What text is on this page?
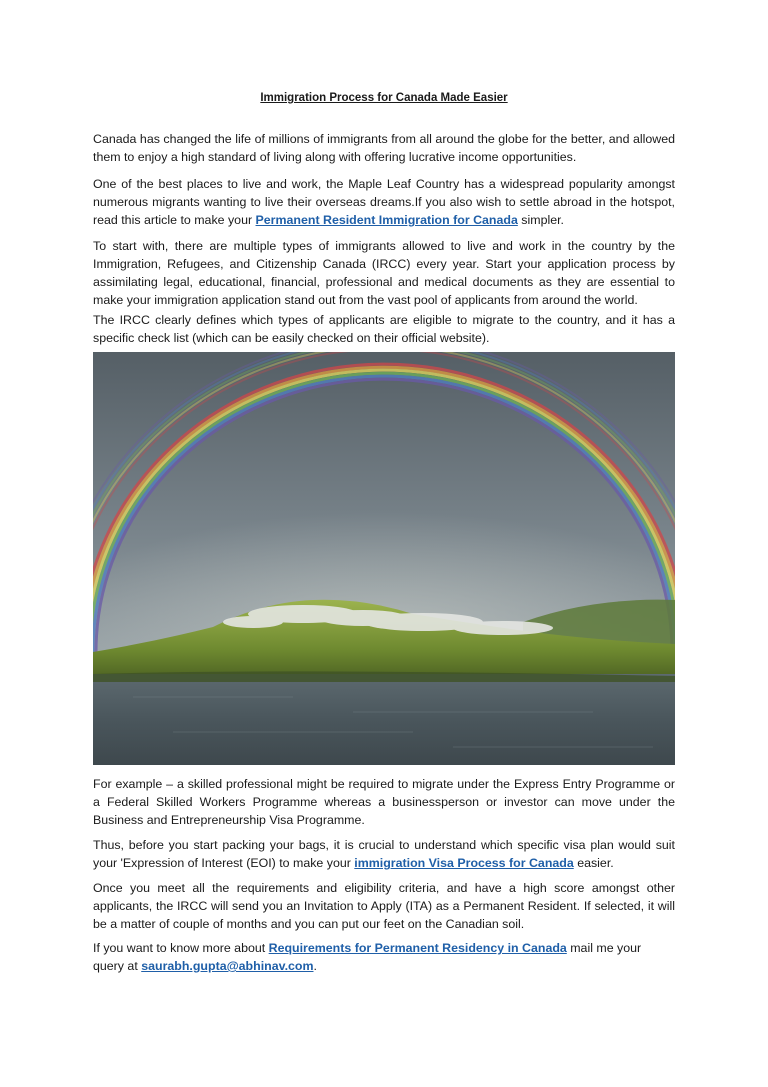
Immigration Process for Canada Made Easier

Canada has changed the life of millions of immigrants from all around the globe for the better, and allowed them to enjoy a high standard of living along with offering lucrative income opportunities.

One of the best places to live and work, the Maple Leaf Country has a widespread popularity amongst numerous migrants wanting to live their overseas dreams.If you also wish to settle abroad in the hotspot, read this article to make your Permanent Resident Immigration for Canada simpler.

To start with, there are multiple types of immigrants allowed to live and work in the country by the Immigration, Refugees, and Citizenship Canada (IRCC) every year. Start your application process by assimilating legal, educational, financial, professional and medical documents as they are essential to make your immigration application stand out from the vast pool of applicants from around the world.

The IRCC clearly defines which types of applicants are eligible to migrate to the country, and it has a specific check list (which can be easily checked on their official website).

For example – a skilled professional might be required to migrate under the Express Entry Programme or a Federal Skilled Workers Programme whereas a businessperson or investor can move under the Business and Entrepreneurship Visa Programme.

Thus, before you start packing your bags, it is crucial to understand which specific visa plan would suit your 'Expression of Interest (EOI) to make your immigration Visa Process for Canada easier.

Once you meet all the requirements and eligibility criteria, and have a high score amongst other applicants, the IRCC will send you an Invitation to Apply (ITA) as a Permanent Resident. If selected, it will be a matter of couple of months and you can put our feet on the Canadian soil.

If you want to know more about Requirements for Permanent Residency in Canada mail me your query at saurabh.gupta@abhinav.com.
